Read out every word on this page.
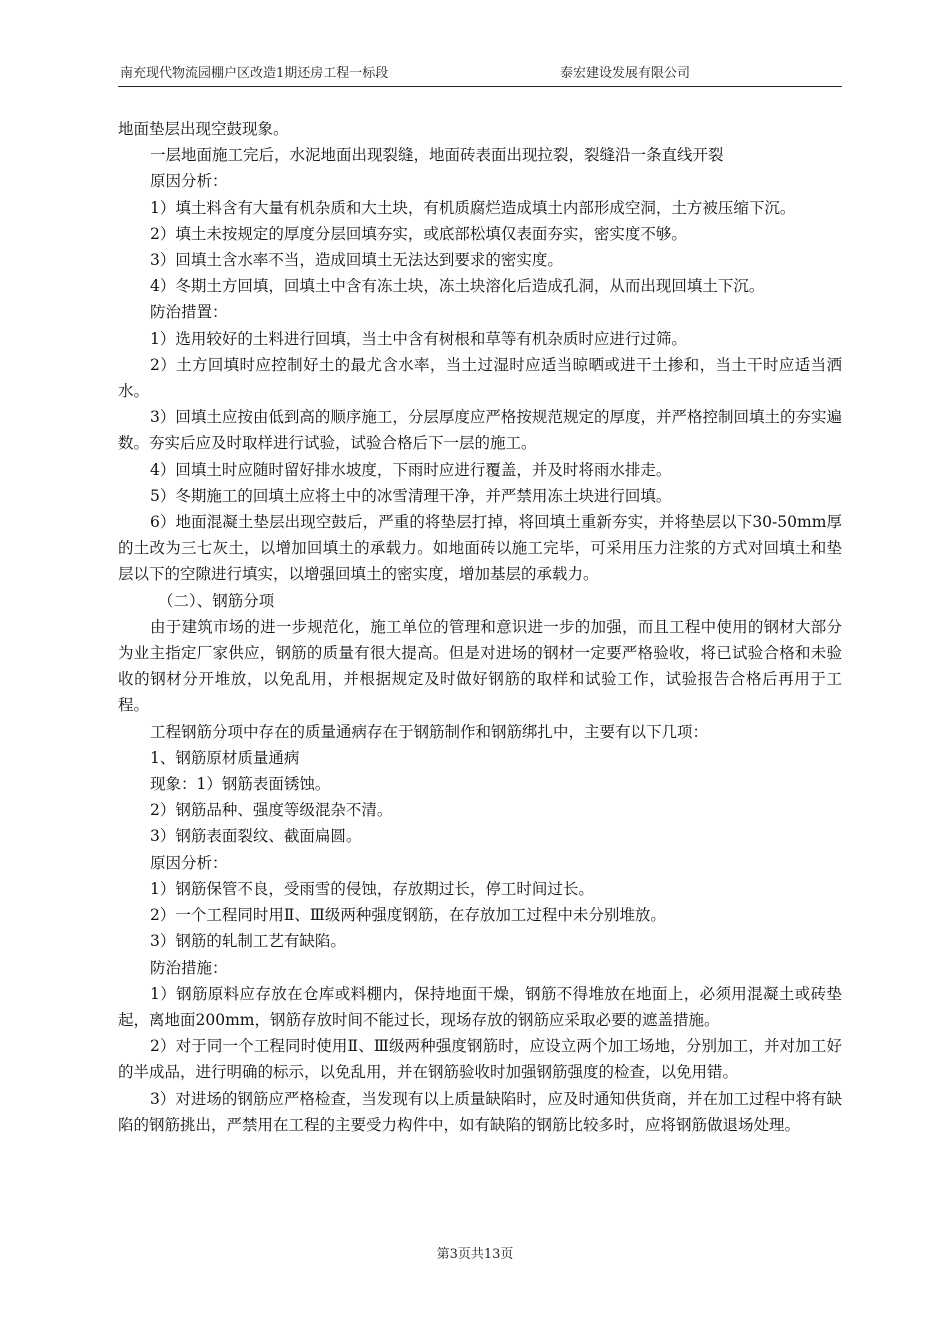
南充现代物流园棚户区改造1期还房工程一标段	泰宏建设发展有限公司

地面垫层出现空鼓现象。

一层地面施工完后，水泥地面出现裂缝，地面砖表面出现拉裂，裂缝沿一条直线开裂

原因分析：

1）填土料含有大量有机杂质和大土块，有机质腐烂造成填土内部形成空洞，土方被压缩下沉。

2）填土未按规定的厚度分层回填夯实，或底部松填仅表面夯实，密实度不够。

3）回填土含水率不当，造成回填土无法达到要求的密实度。

4）冬期土方回填，回填土中含有冻土块，冻土块溶化后造成孔洞，从而出现回填土下沉。

防治措置：

1）选用较好的土料进行回填，当土中含有树根和草等有机杂质时应进行过筛。

2）土方回填时应控制好土的最尤含水率，当土过湿时应适当晾晒或进干土掺和，当土干时应适当洒水。

3）回填土应按由低到高的顺序施工，分层厚度应严格按规范规定的厚度，并严格控制回填土的夯实遍数。夯实后应及时取样进行试验，试验合格后下一层的施工。

4）回填土时应随时留好排水坡度，下雨时应进行覆盖，并及时将雨水排走。

5）冬期施工的回填土应将土中的冰雪清理干净，并严禁用冻土块进行回填。

6）地面混凝土垫层出现空鼓后，严重的将垫层打掉，将回填土重新夯实，并将垫层以下30-50mm厚的土改为三七灰土，以增加回填土的承载力。如地面砖以施工完毕，可采用压力注浆的方式对回填土和垫层以下的空隙进行填实，以增强回填土的密实度，增加基层的承载力。

（二）、钢筋分项

由于建筑市场的进一步规范化，施工单位的管理和意识进一步的加强，而且工程中使用的钢材大部分为业主指定厂家供应，钢筋的质量有很大提高。但是对进场的钢材一定要严格验收，将已试验合格和未验收的钢材分开堆放，以免乱用，并根据规定及时做好钢筋的取样和试验工作，试验报告合格后再用于工程。

工程钢筋分项中存在的质量通病存在于钢筋制作和钢筋绑扎中，主要有以下几项：

1、钢筋原材质量通病

现象：1）钢筋表面锈蚀。

2）钢筋品种、强度等级混杂不清。

3）钢筋表面裂纹、截面扁圆。

原因分析：

1）钢筋保管不良，受雨雪的侵蚀，存放期过长，停工时间过长。

2）一个工程同时用Ⅱ、Ⅲ级两种强度钢筋，在存放加工过程中未分别堆放。

3）钢筋的轧制工艺有缺陷。

防治措施：

1）钢筋原料应存放在仓库或料棚内，保持地面干燥，钢筋不得堆放在地面上，必须用混凝土或砖垫起，离地面200mm，钢筋存放时间不能过长，现场存放的钢筋应采取必要的遮盖措施。

2）对于同一个工程同时使用Ⅱ、Ⅲ级两种强度钢筋时，应设立两个加工场地，分别加工，并对加工好的半成品，进行明确的标示，以免乱用，并在钢筋验收时加强钢筋强度的检查，以免用错。

3）对进场的钢筋应严格检查，当发现有以上质量缺陷时，应及时通知供货商，并在加工过程中将有缺陷的钢筋挑出，严禁用在工程的主要受力构件中，如有缺陷的钢筋比较多时，应将钢筋做退场处理。

第3页共13页
